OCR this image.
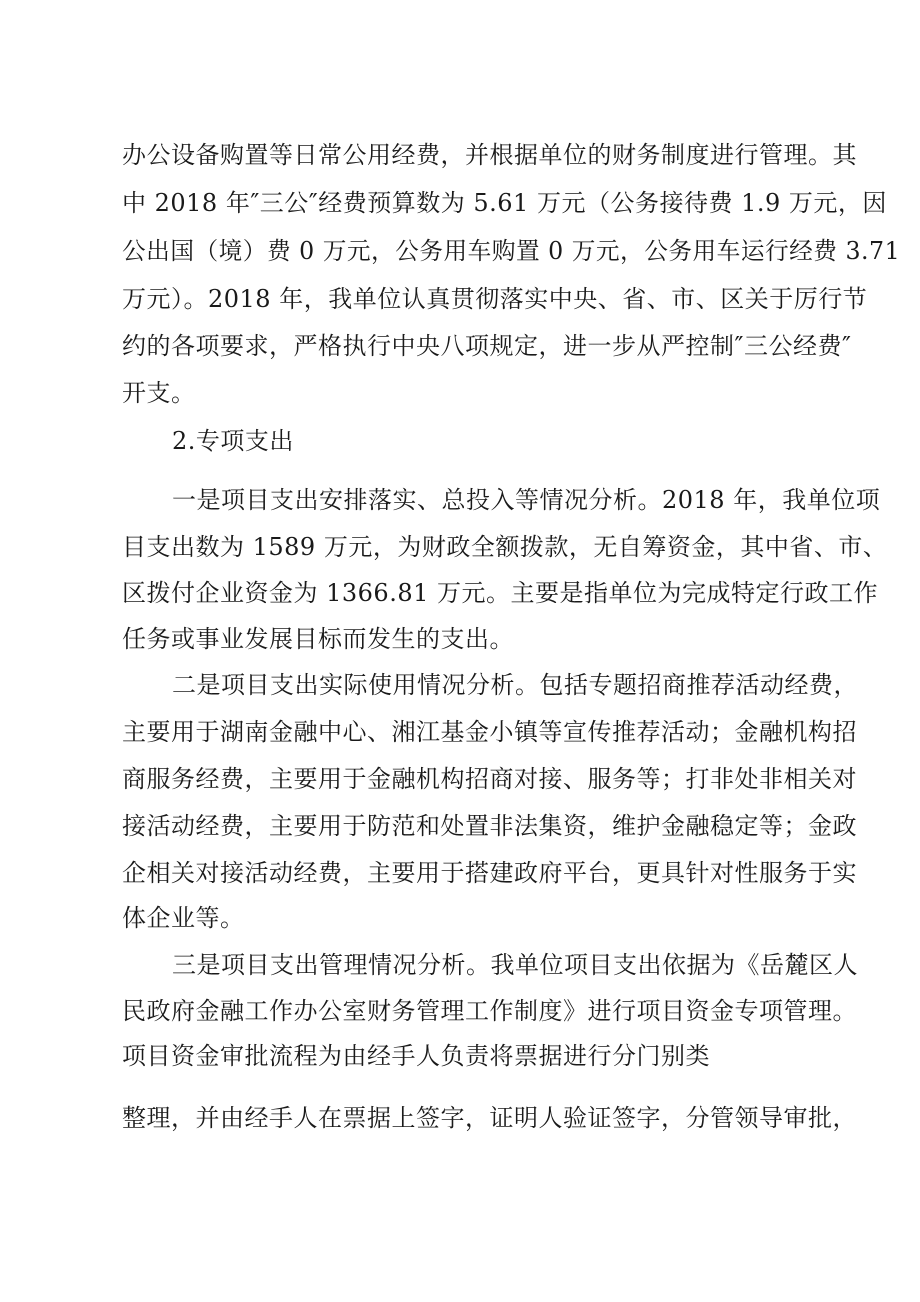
办公设备购置等日常公用经费，并根据单位的财务制度进行管理。其

中 2018 年″三公″经费预算数为 5.61 万元（公务接待费 1.9 万元，因

公出国（境）费 0 万元，公务用车购置 0 万元，公务用车运行经费 3.71

万元）。2018 年，我单位认真贯彻落实中央、省、市、区关于厉行节

约的各项要求，严格执行中央八项规定，进一步从严控制″三公经费″

开支。

2.专项支出

一是项目支出安排落实、总投入等情况分析。2018 年，我单位项

目支出数为 1589 万元，为财政全额拨款，无自筹资金，其中省、市、

区拨付企业资金为 1366.81 万元。主要是指单位为完成特定行政工作

任务或事业发展目标而发生的支出。

二是项目支出实际使用情况分析。包括专题招商推荐活动经费，

主要用于湖南金融中心、湘江基金小镇等宣传推荐活动；金融机构招

商服务经费，主要用于金融机构招商对接、服务等；打非处非相关对

接活动经费，主要用于防范和处置非法集资，维护金融稳定等；金政

企相关对接活动经费，主要用于搭建政府平台，更具针对性服务于实

体企业等。

三是项目支出管理情况分析。我单位项目支出依据为《岳麓区人

民政府金融工作办公室财务管理工作制度》进行项目资金专项管理。

项目资金审批流程为由经手人负责将票据进行分门别类

整理，并由经手人在票据上签字，证明人验证签字，分管领导审批，
